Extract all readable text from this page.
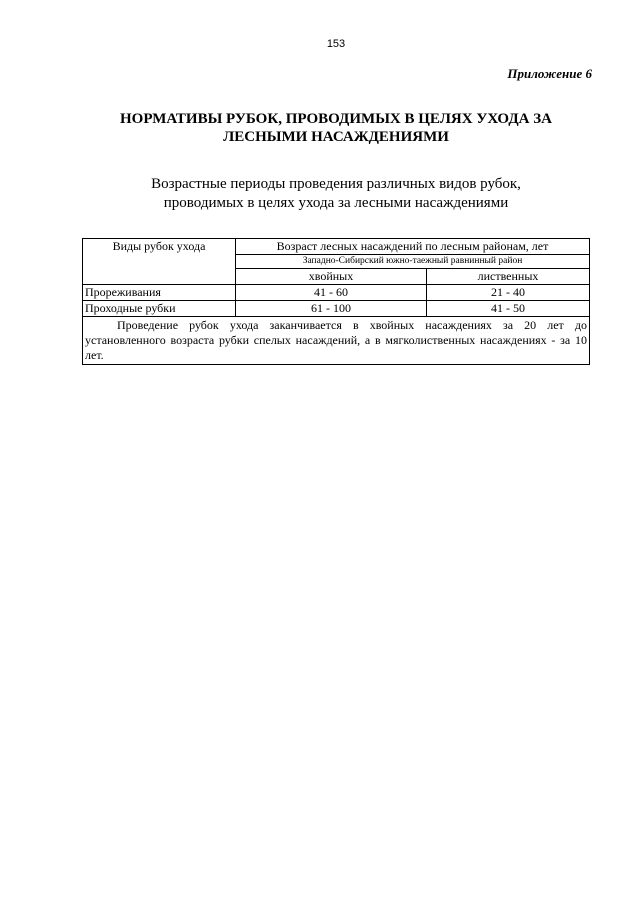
153
Приложение 6
НОРМАТИВЫ РУБОК, ПРОВОДИМЫХ В ЦЕЛЯХ УХОДА ЗА ЛЕСНЫМИ НАСАЖДЕНИЯМИ
Возрастные периоды проведения различных видов рубок, проводимых в целях ухода за лесными насаждениями
Виды рубок ухода	Возраст лесных насаждений по лесным районам, лет	
	Западно-Сибирский южно-таежный равнинный район	
	хвойных	лиственных
Прореживания	41 - 60	21 - 40
Проходные рубки	61 - 100	41 - 50
Проведение рубок ухода заканчивается в хвойных насаждениях за 20 лет до установленного возраста рубки спелых насаждений, а в мягколиственных насаждениях - за 10 лет.		
